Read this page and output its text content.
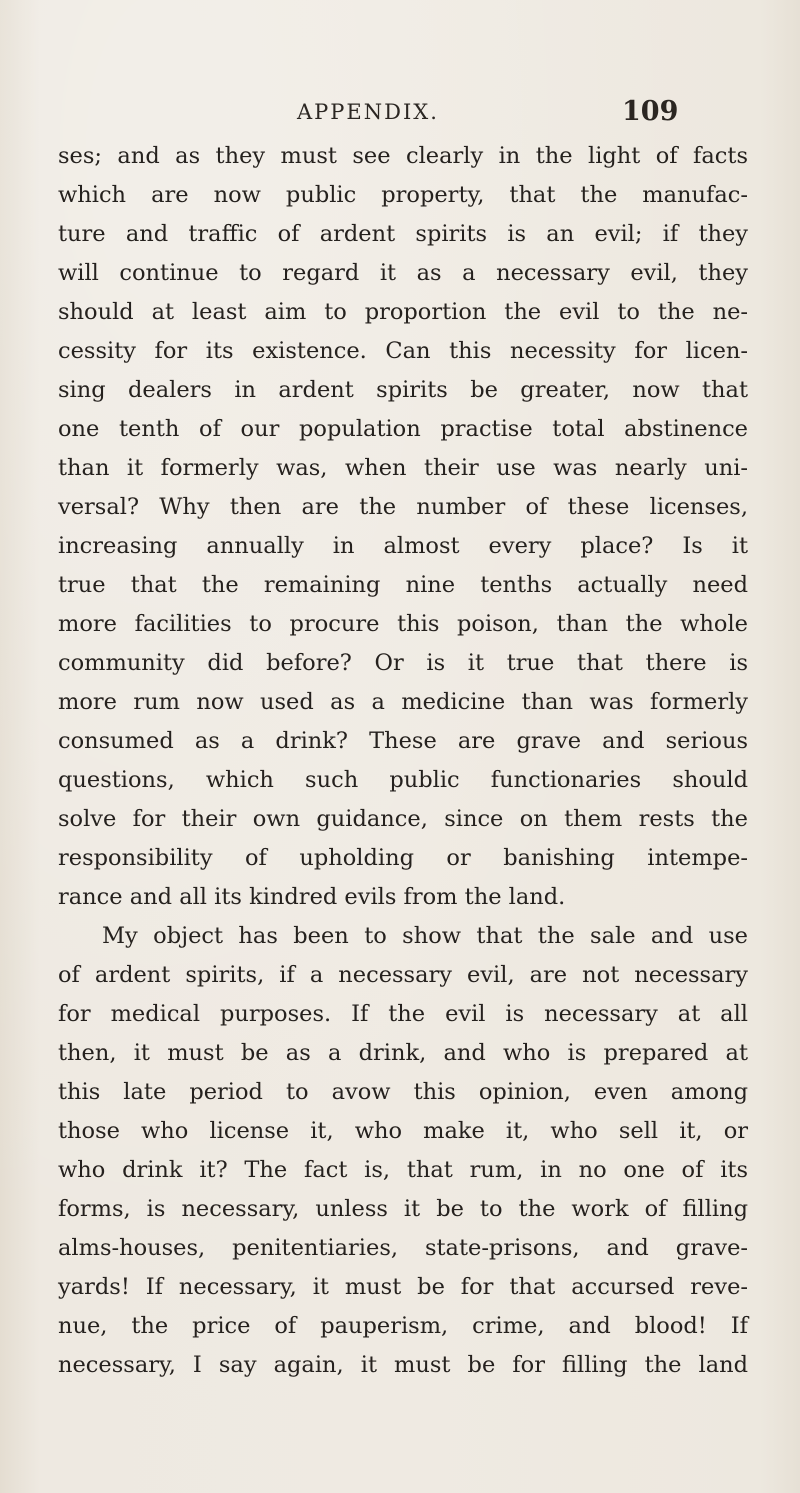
APPENDIX.	109
ses; and as they must see clearly in the light of facts
which are now public property, that the manufac-
ture and traffic of ardent spirits is an evil; if they
will continue to regard it as a necessary evil, they
should at least aim to proportion the evil to the ne-
cessity for its existence. Can this necessity for licen-
sing dealers in ardent spirits be greater, now that
one tenth of our population practise total abstinence
than it formerly was, when their use was nearly uni-
versal? Why then are the number of these licenses,
increasing annually in almost every place? Is it
true that the remaining nine tenths actually need
more facilities to procure this poison, than the whole
community did before? Or is it true that there is
more rum now used as a medicine than was formerly
consumed as a drink? These are grave and serious
questions, which such public functionaries should
solve for their own guidance, since on them rests the
responsibility of upholding or banishing intempe-
rance and all its kindred evils from the land.
My object has been to show that the sale and use
of ardent spirits, if a necessary evil, are not necessary
for medical purposes. If the evil is necessary at all
then, it must be as a drink, and who is prepared at
this late period to avow this opinion, even among
those who license it, who make it, who sell it, or
who drink it? The fact is, that rum, in no one of its
forms, is necessary, unless it be to the work of filling
alms-houses, penitentiaries, state-prisons, and grave-
yards! If necessary, it must be for that accursed reve-
nue, the price of pauperism, crime, and blood! If
necessary, I say again, it must be for filling the land
